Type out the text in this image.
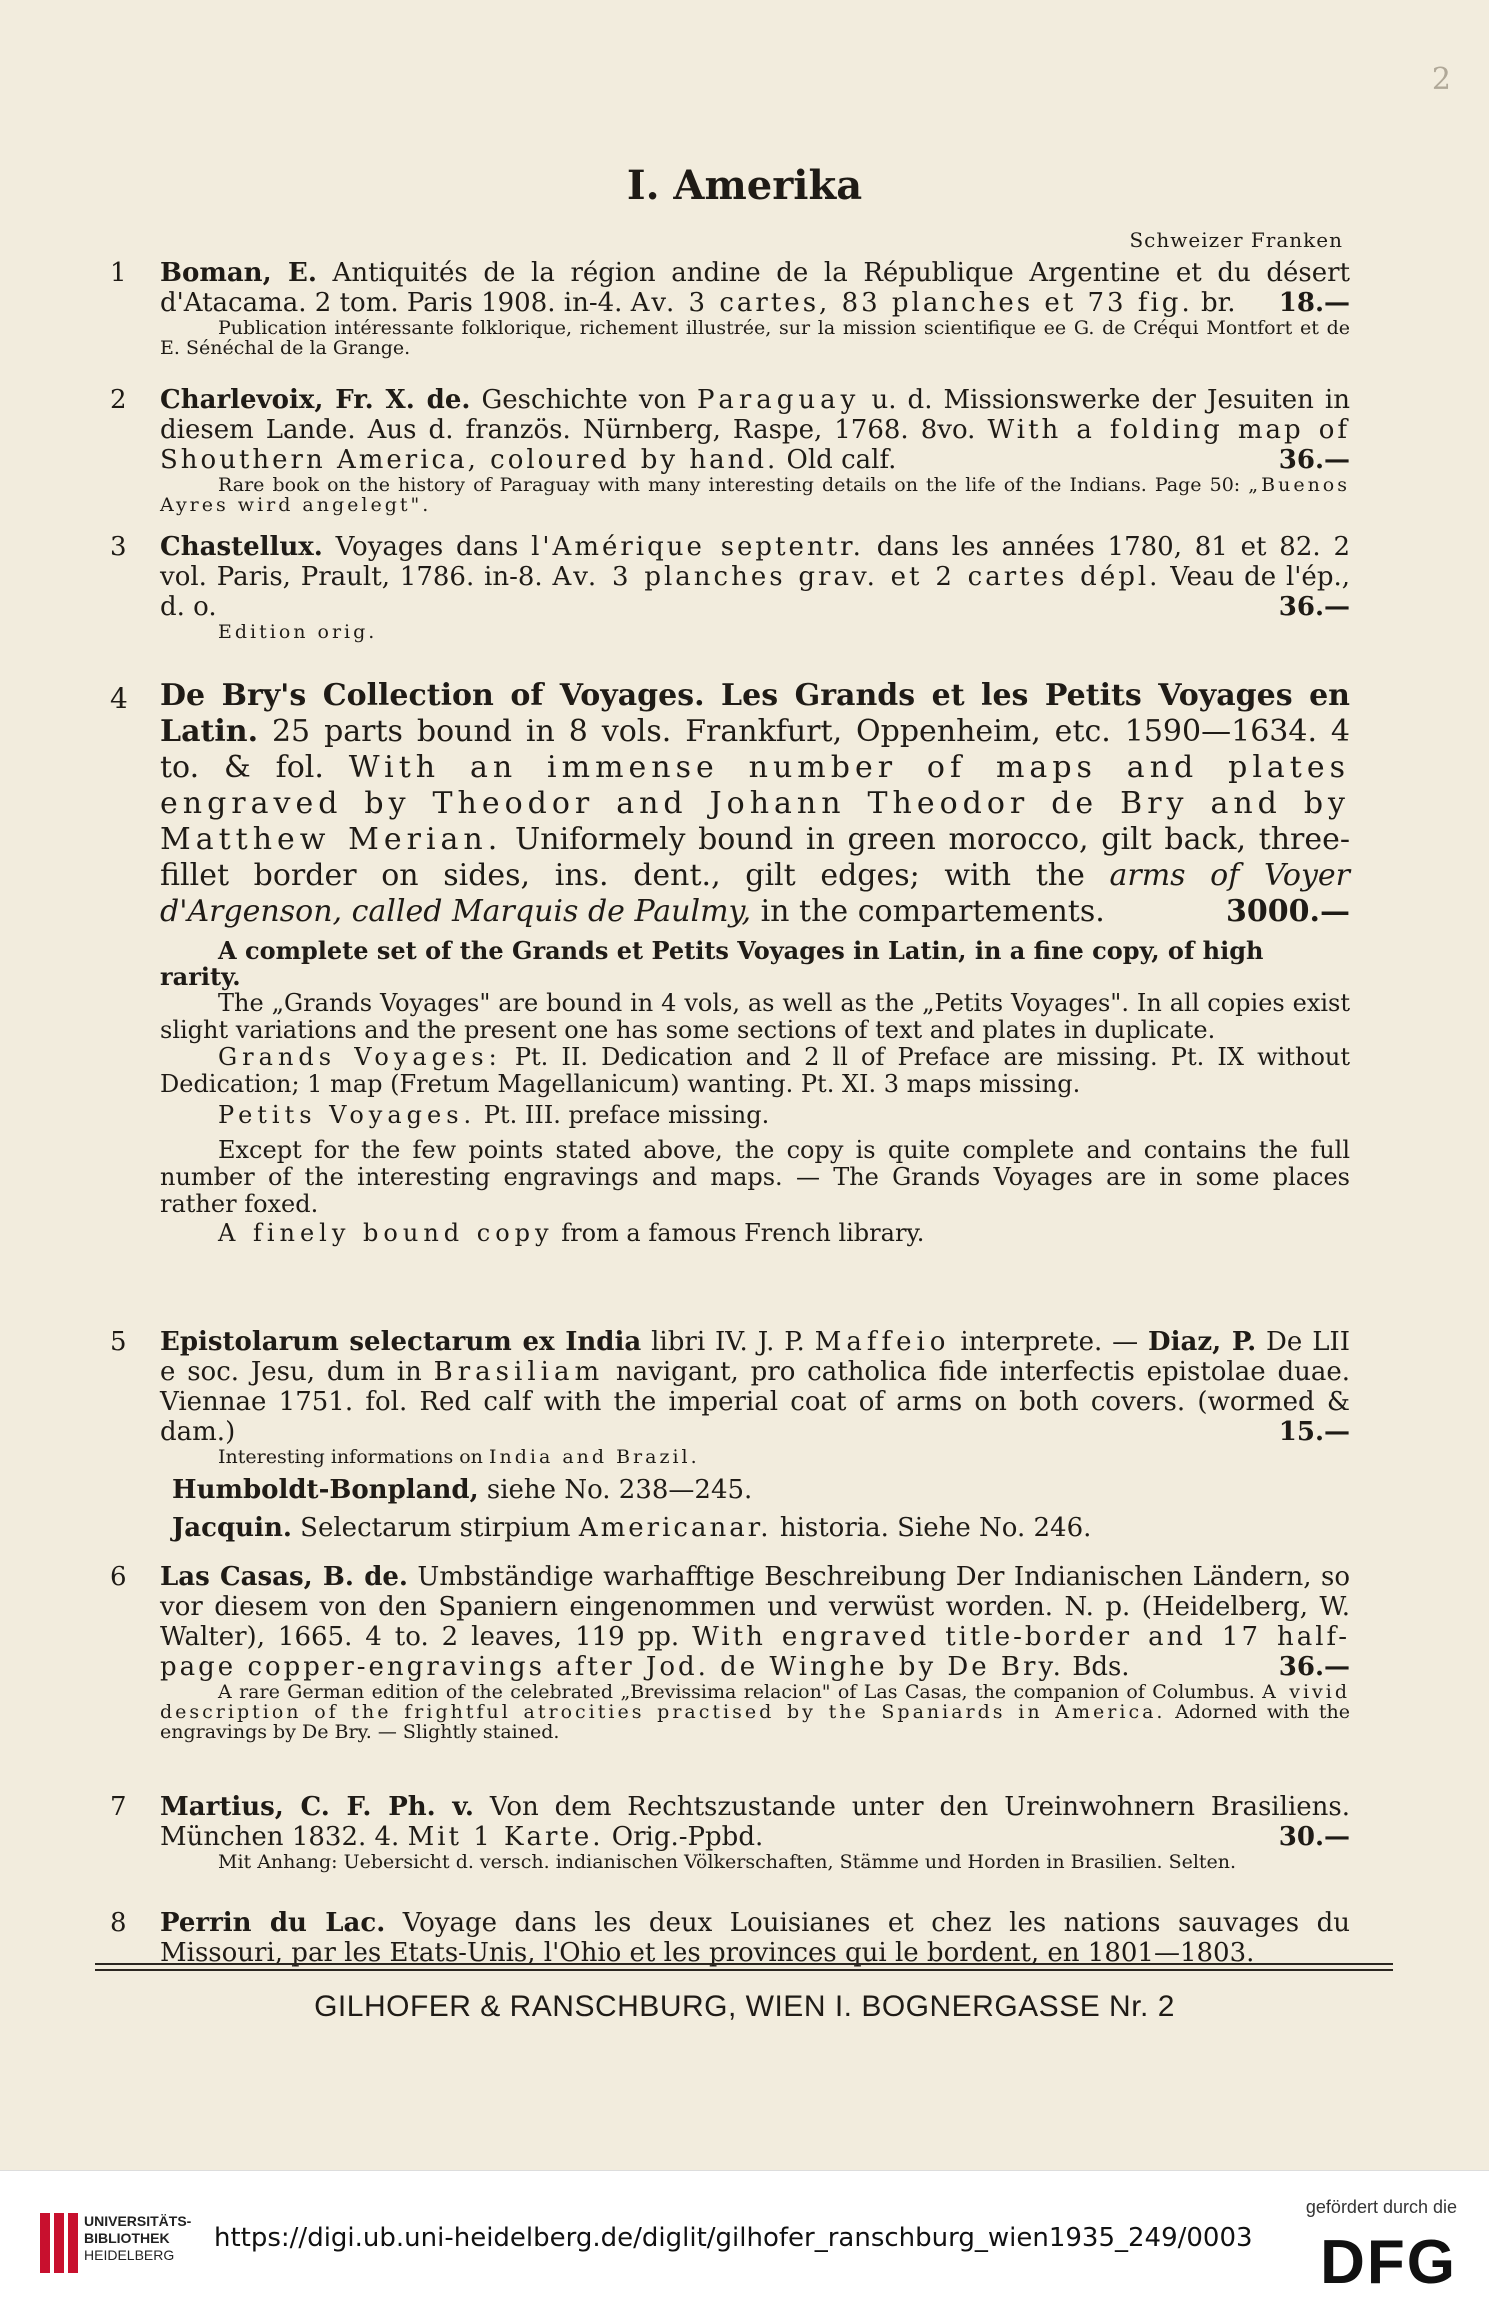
2
I. Amerika
Schweizer Franken
1 Boman, E. Antiquités de la région andine de la République Argentine et du désert d'Atacama. 2 tom. Paris 1908. in-4. Av. 3 cartes, 83 planches et 73 fig. br. 18.—

Publication intéressante folklorique, richement illustrée, sur la mission scientifique ee G. de Créqui Montfort et de E. Sénéchal de la Grange.

2 Charlevoix, Fr. X. de. Geschichte von Paraguay u. d. Missionswerke der Jesuiten in diesem Lande. Aus d. französ. Nürnberg, Raspe, 1768. 8vo. With a folding map of Shouthern America, coloured by hand. Old calf.	36.—

Rare book on the history of Paraguay with many interesting details on the life of the Indians. Page 50: „Buenos Ayres wird angelegt".

3 Chastellux. Voyages dans l'Amérique septentr. dans les années 1780, 81 et 82. 2 vol. Paris, Prault, 1786. in-8. Av. 3 planches grav. et 2 cartes dépl. Veau de l'ép., d. o.	36.—

Edition orig.

4 De Bry's Collection of Voyages. Les Grands et les Petits Voyages en Latin. 25 parts bound in 8 vols. Frankfurt, Oppenheim, etc. 1590—1634. 4 to. & fol. With an immense number of maps and plates engraved by Theodor and Johann Theodor de Bry and by Matthew Merian. Uniformely bound in green morocco, gilt back, three-fillet border on sides, ins. dent., gilt edges; with the arms of Voyer d'Argenson, called Marquis de Paulmy, in the compartements.	3000.—

A complete set of the Grands et Petits Voyages in Latin, in a fine copy, of high rarity.

The „Grands Voyages" are bound in 4 vols, as well as the „Petits Voyages". In all copies exist slight variations and the present one has some sections of text and plates in duplicate.

Grands Voyages: Pt. II. Dedication and 2 ll of Preface are missing. Pt. IX without Dedication; 1 map (Fretum Magellanicum) wanting. Pt. XI. 3 maps missing.

Petits Voyages. Pt. III. preface missing.

Except for the few points stated above, the copy is quite complete and contains the full number of the interesting engravings and maps. — The Grands Voyages are in some places rather foxed.

A finely bound copy from a famous French library.

5 Epistolarum selectarum ex India libri IV. J. P. Maffeio interprete. — Diaz, P. De LII e soc. Jesu, dum in Brasiliam navigant, pro catholica fide interfectis epistolae duae. Viennae 1751. fol. Red calf with the imperial coat of arms on both covers. (wormed & dam.)	15.—

Interesting informations on India and Brazil.

Humboldt-Bonpland, siehe No. 238—245.
Jacquin. Selectarum stirpium Americanar. historia. Siehe No. 246.
6 Las Casas, B. de. Umbständige warhafftige Beschreibung Der Indianischen Ländern, so vor diesem von den Spaniern eingenommen und verwüst worden. N. p. (Heidelberg, W. Walter), 1665. 4 to. 2 leaves, 119 pp. With engraved title-border and 17 half-page copper-engravings after Jod. de Winghe by De Bry. Bds.	36.—

A rare German edition of the celebrated „Brevissima relacion" of Las Casas, the companion of Columbus. A vivid description of the frightful atrocities practised by the Spaniards in America. Adorned with the engravings by De Bry. — Slightly stained.

7 Martius, C. F. Ph. v. Von dem Rechtszustande unter den Ureinwohnern Brasiliens. München 1832. 4. Mit 1 Karte. Orig.-Ppbd.	30.—

Mit Anhang: Uebersicht d. versch. indianischen Völkerschaften, Stämme und Horden in Brasilien. Selten.

8 Perrin du Lac. Voyage dans les deux Louisianes et chez les nations sauvages du Missouri, par les Etats-Unis, l'Ohio et les provinces qui le bordent, en 1801—1803.

GILHOFER & RANSCHBURG, WIEN I. BOGNERGASSE Nr. 2
UNIVERSITÄTS-
BIBLIOTHEK
HEIDELBERG
https://digi.ub.uni-heidelberg.de/diglit/gilhofer_ranschburg_wien1935_249/0003
gefördert durch die
DFG
